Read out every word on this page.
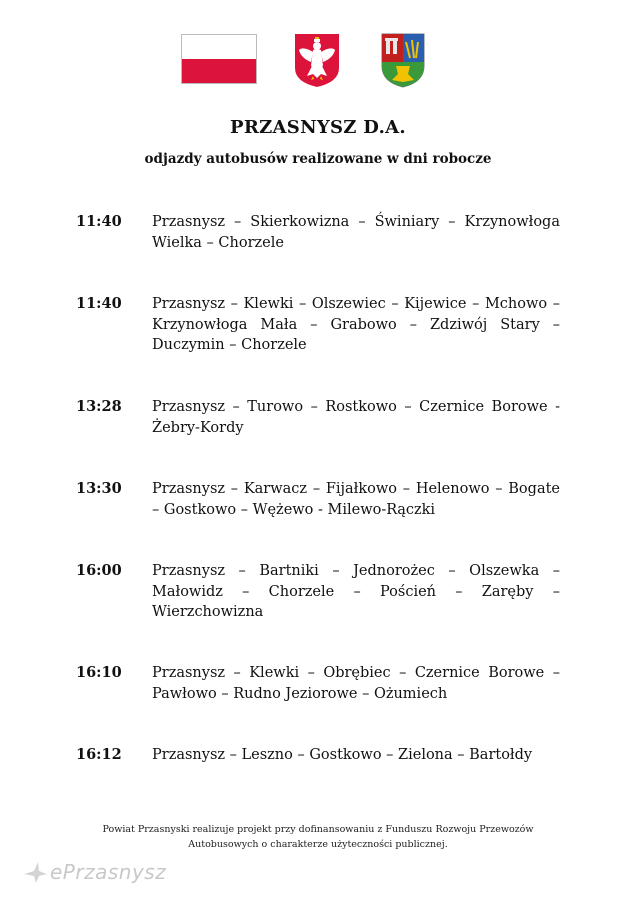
PRZASNYSZ D.A.
odjazdy autobusów realizowane w dni robocze
11:40	Przasnysz – Skierkowizna – Świniary – Krzynowłoga Wielka – Chorzele
11:40	Przasnysz – Klewki – Olszewiec – Kijewice – Mchowo – Krzynowłoga Mała – Grabowo – Zdziwój Stary – Duczymin – Chorzele
13:28	Przasnysz – Turowo – Rostkowo – Czernice Borowe - Żebry-Kordy
13:30	Przasnysz – Karwacz – Fijałkowo – Helenowo – Bogate – Gostkowo – Wężewo - Milewo-Rączki
16:00	Przasnysz – Bartniki – Jednorożec – Olszewka – Małowidz – Chorzele – Poścień – Zaręby – Wierzchowizna
16:10	Przasnysz – Klewki – Obrębiec – Czernice Borowe – Pawłowo – Rudno Jeziorowe – Ożumiech
16:12	Przasnysz – Leszno – Gostkowo – Zielona – Bartołdy
Powiat Przasnyski realizuje projekt przy dofinansowaniu z Funduszu Rozwoju Przewozów
Autobusowych o charakterze użyteczności publicznej.
ePrzasnysz
